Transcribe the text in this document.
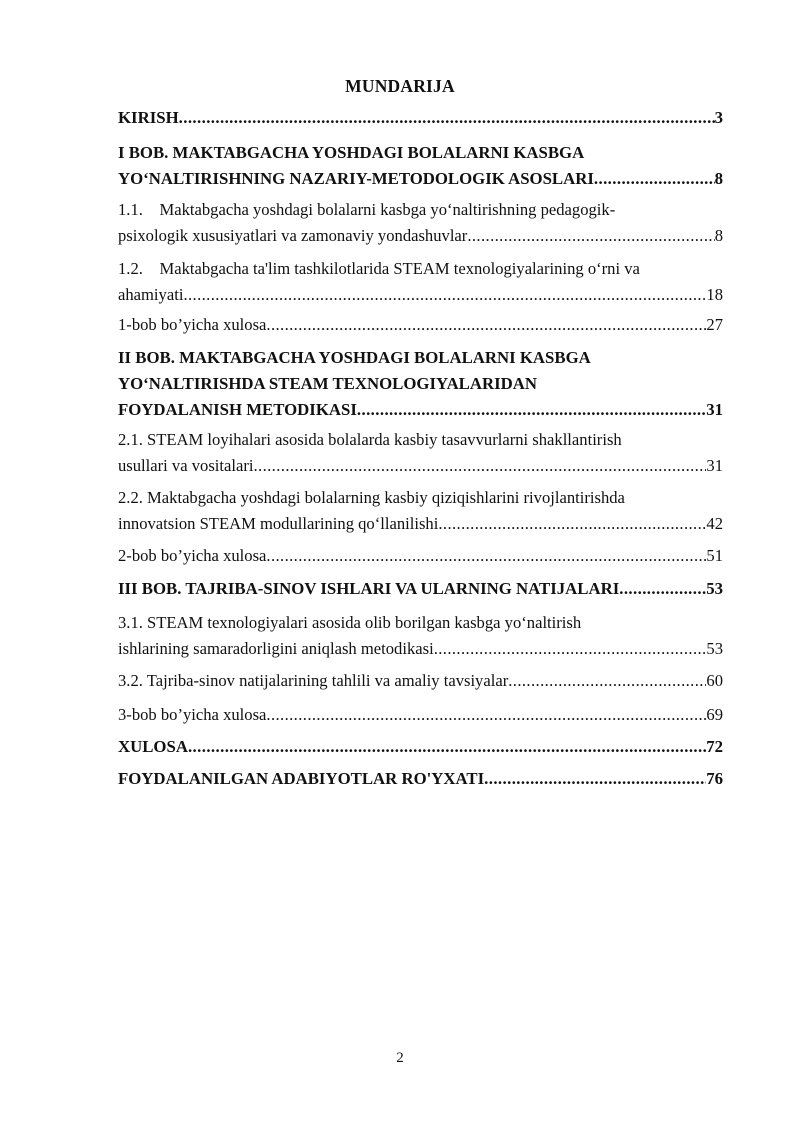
MUNDARIJA
KIRISH .....	3
I BOB. MAKTABGACHA YOSHDAGI BOLALARNI KASBGA
YO‘NALTIRISHNING NAZARIY-METODOLOGIK ASOSLARI .....	8
1.1. Maktabgacha yoshdagi bolalarni kasbga yo‘naltirishning pedagogik-
psixologik xususiyatlari va zamonaviy yondashuvlar .....	8
1.2. Maktabgacha ta'lim tashkilotlarida STEAM texnologiyalarining o‘rni va
ahamiyati .....	18
1-bob bo’yicha xulosa .....	27
II BOB. MAKTABGACHA YOSHDAGI BOLALARNI KASBGA
YO‘NALTIRISHDA STEAM TEXNOLOGIYALARIDAN
FOYDALANISH METODIKASI .....	31
2.1. STEAM loyihalari asosida bolalarda kasbiy tasavvurlarni shakllantirish
usullari va vositalari .....	31
2.2. Maktabgacha yoshdagi bolalarning kasbiy qiziqishlarini rivojlantirishda
innovatsion STEAM modullarining qo‘llanilishi .....	42
2-bob bo’yicha xulosa .....	51
III BOB. TAJRIBA-SINOV ISHLARI VA ULARNING NATIJALARI .....	53
3.1. STEAM texnologiyalari asosida olib borilgan kasbga yo‘naltirish
ishlarining samaradorligini aniqlash metodikasi .....	53
3.2. Tajriba-sinov natijalarining tahlili va amaliy tavsiyalar .....	60
3-bob bo’yicha xulosa .....	69
XULOSA .....	72
FOYDALANILGAN ADABIYOTLAR RO'YXATI .....	76
2
